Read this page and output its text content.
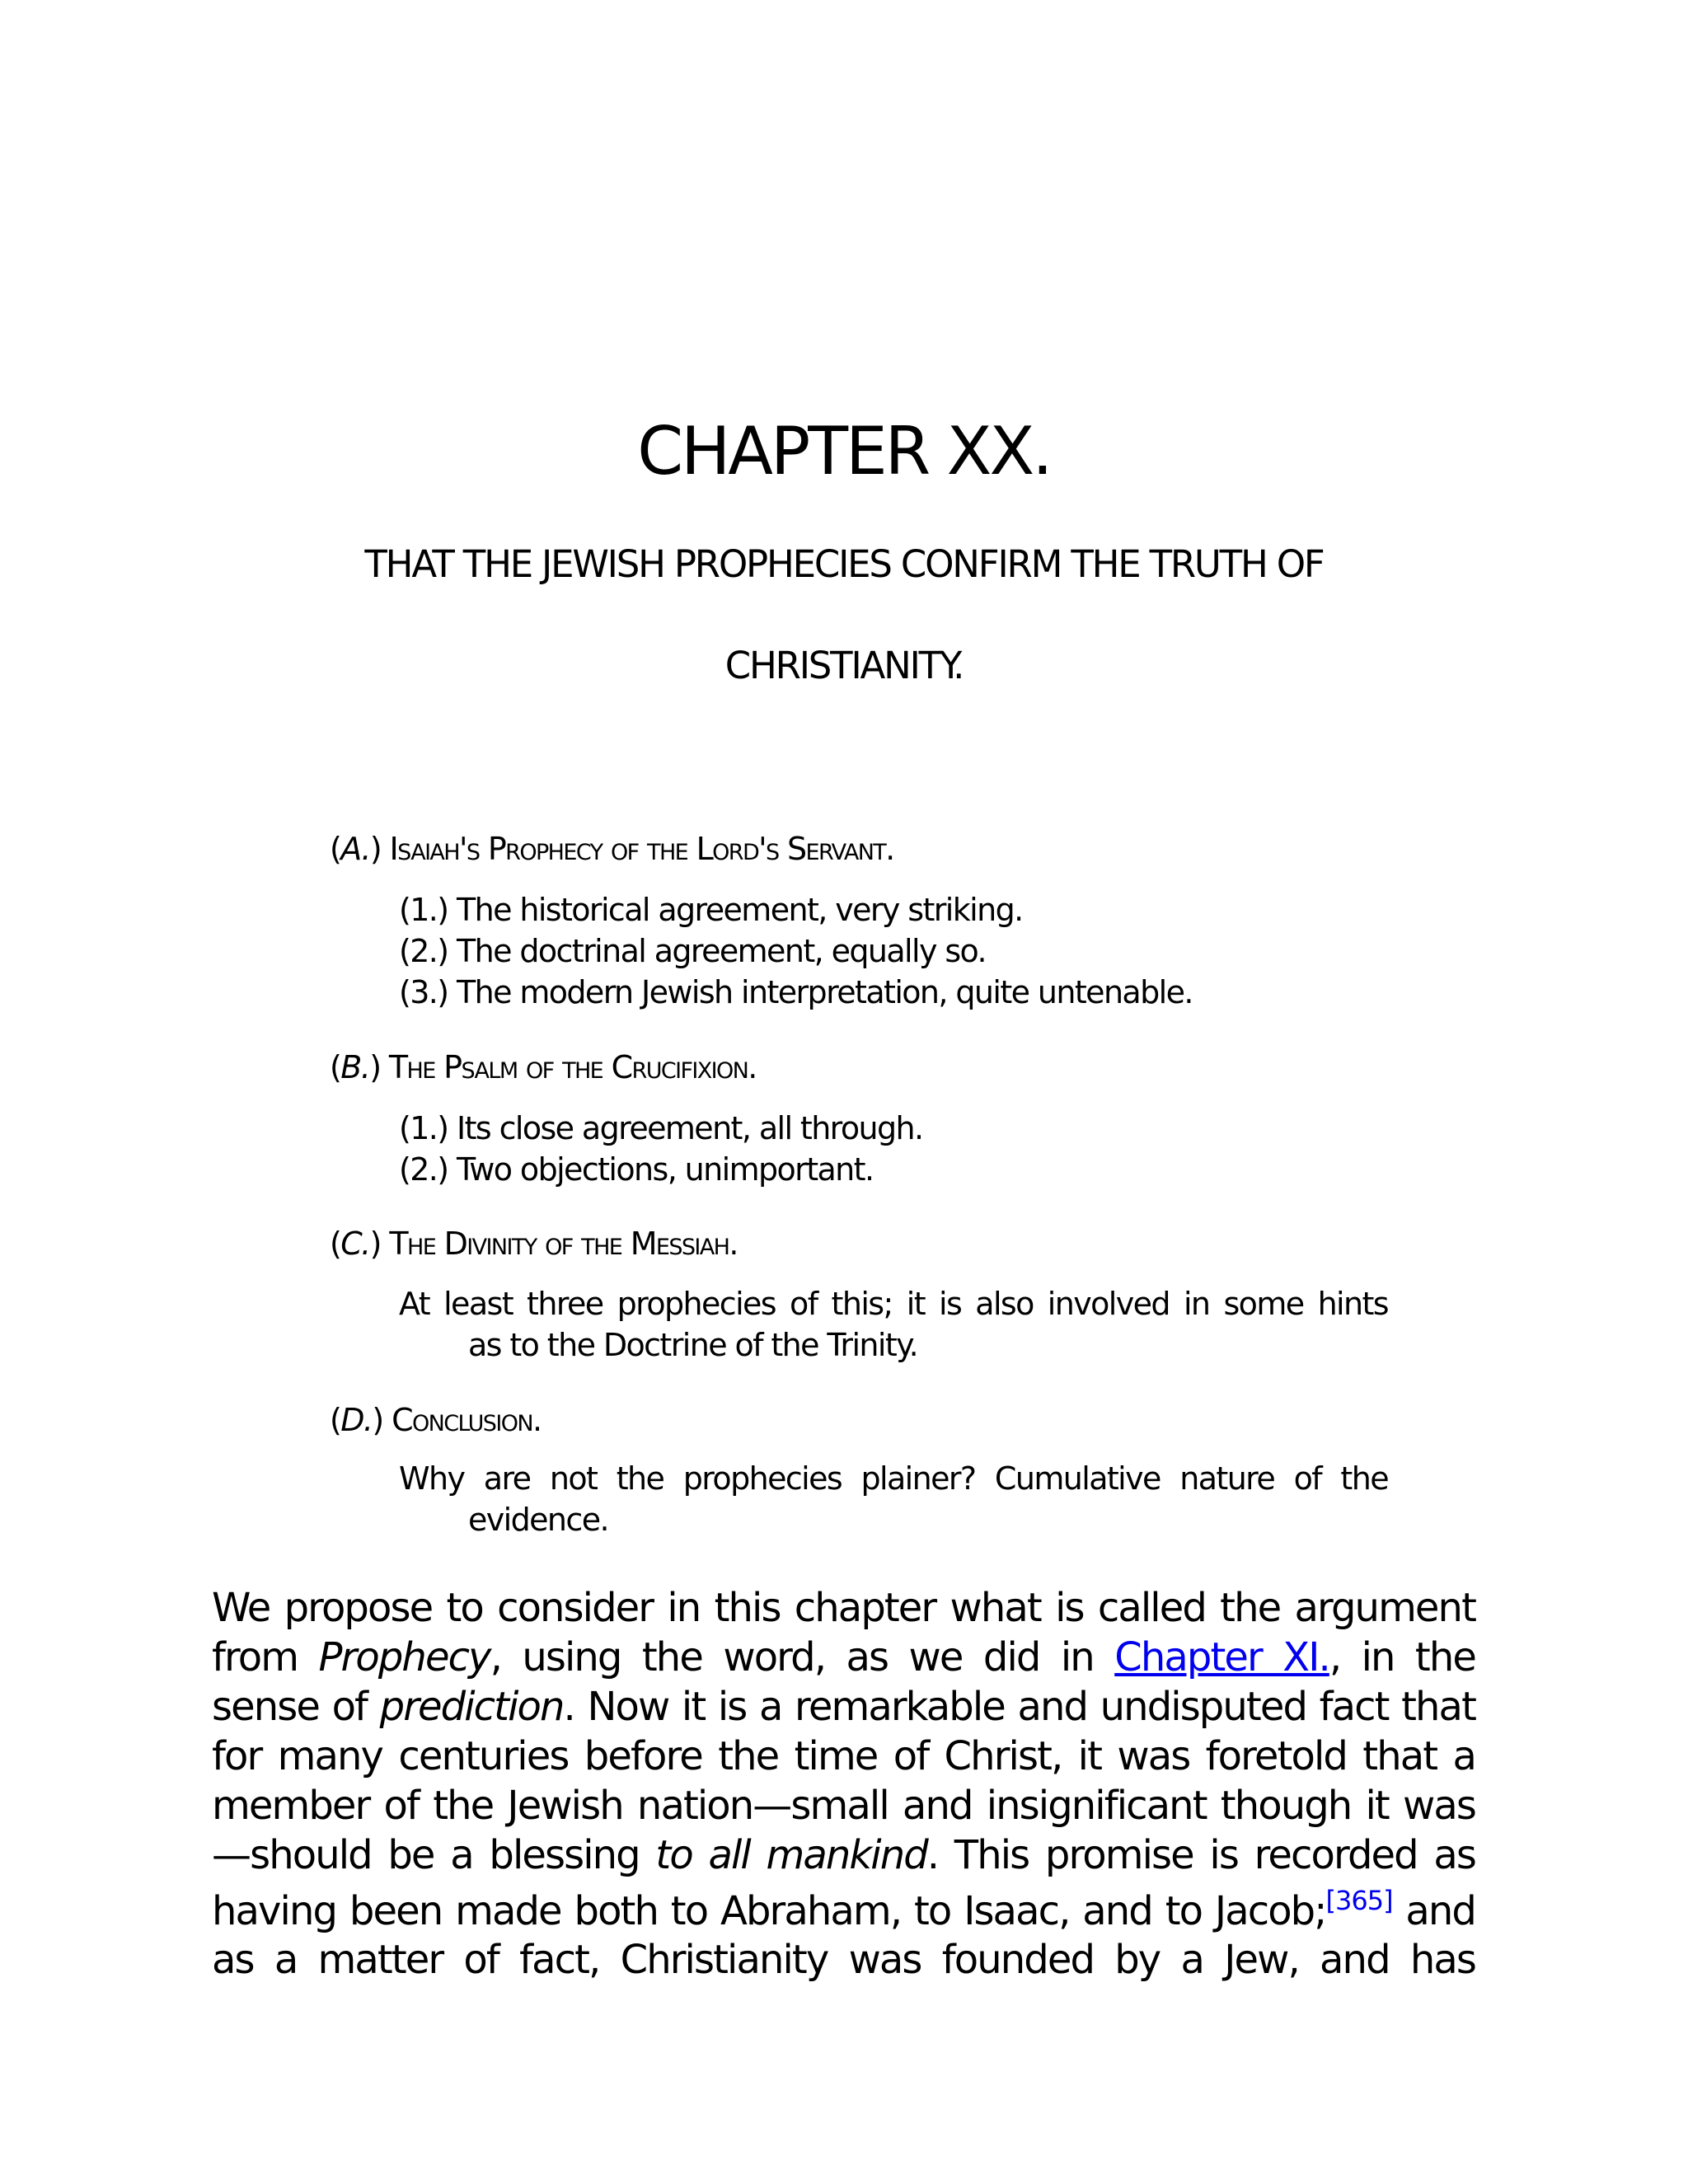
CHAPTER XX.
THAT THE JEWISH PROPHECIES CONFIRM THE TRUTH OF
CHRISTIANITY.
(A.) Isaiah's Prophecy of the Lord's Servant.
(1.) The historical agreement, very striking.
(2.) The doctrinal agreement, equally so.
(3.) The modern Jewish interpretation, quite untenable.
(B.) The Psalm of the Crucifixion.
(1.) Its close agreement, all through.
(2.) Two objections, unimportant.
(C.) The Divinity of the Messiah.
At least three prophecies of this; it is also involved in some hints
as to the Doctrine of the Trinity.
(D.) Conclusion.
Why are not the prophecies plainer? Cumulative nature of the
evidence.
We propose to consider in this chapter what is called the argument
from Prophecy, using the word, as we did in Chapter XI., in the
sense of prediction. Now it is a remarkable and undisputed fact that
for many centuries before the time of Christ, it was foretold that a
member of the Jewish nation—small and insignificant though it was
—should be a blessing to all mankind. This promise is recorded as
having been made both to Abraham, to Isaac, and to Jacob;[365] and
as a matter of fact, Christianity was founded by a Jew, and has
